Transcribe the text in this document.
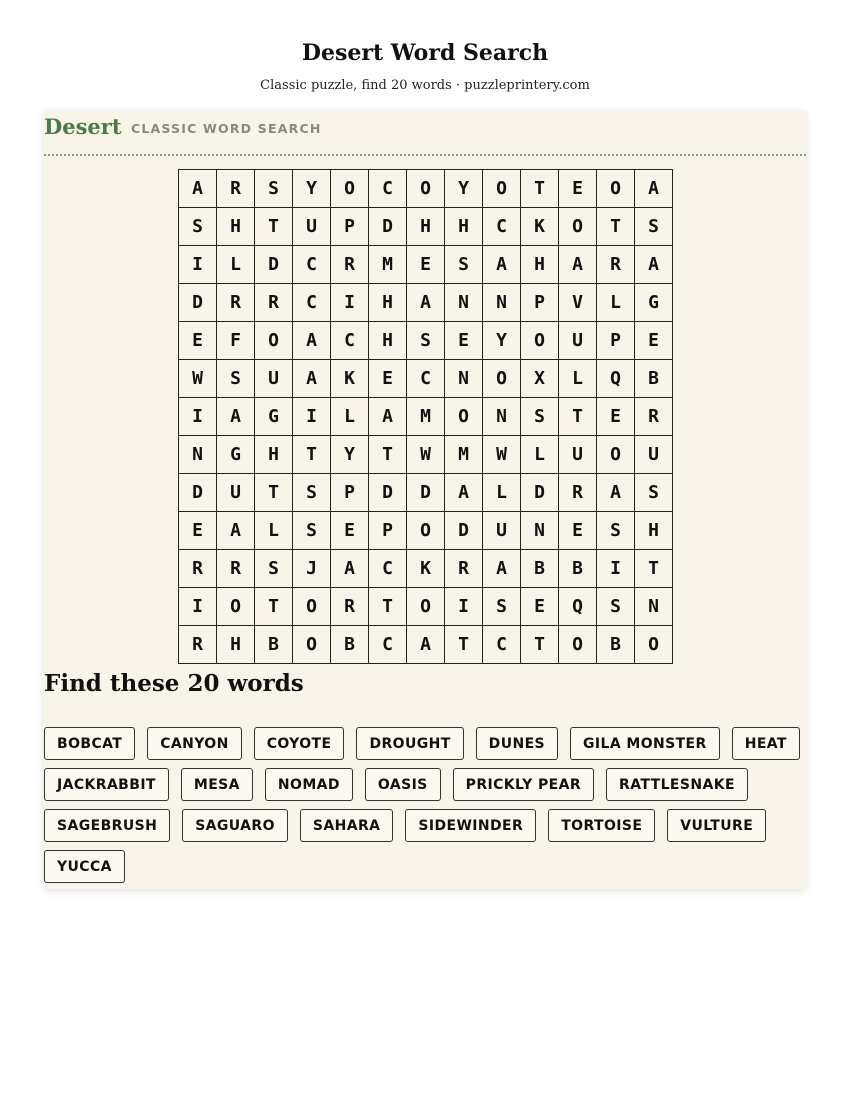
Desert Word Search
Classic puzzle, find 20 words · puzzleprintery.com
Desert CLASSIC WORD SEARCH
A	R	S	Y	O	C	O	Y	O	T	E	O	A
S	H	T	U	P	D	H	H	C	K	O	T	S
I	L	D	C	R	M	E	S	A	H	A	R	A
D	R	R	C	I	H	A	N	N	P	V	L	G
E	F	O	A	C	H	S	E	Y	O	U	P	E
W	S	U	A	K	E	C	N	O	X	L	Q	B
I	A	G	I	L	A	M	O	N	S	T	E	R
N	G	H	T	Y	T	W	M	W	L	U	O	U
D	U	T	S	P	D	D	A	L	D	R	A	S
E	A	L	S	E	P	O	D	U	N	E	S	H
R	R	S	J	A	C	K	R	A	B	B	I	T
I	O	T	O	R	T	O	I	S	E	Q	S	N
R	H	B	O	B	C	A	T	C	T	O	B	O
Find these 20 words
BOBCAT	CANYON	COYOTE	DROUGHT	DUNES	GILA MONSTER	HEAT
JACKRABBIT	MESA	NOMAD	OASIS	PRICKLY PEAR	RATTLESNAKE
SAGEBRUSH	SAGUARO	SAHARA	SIDEWINDER	TORTOISE	VULTURE
YUCCA
